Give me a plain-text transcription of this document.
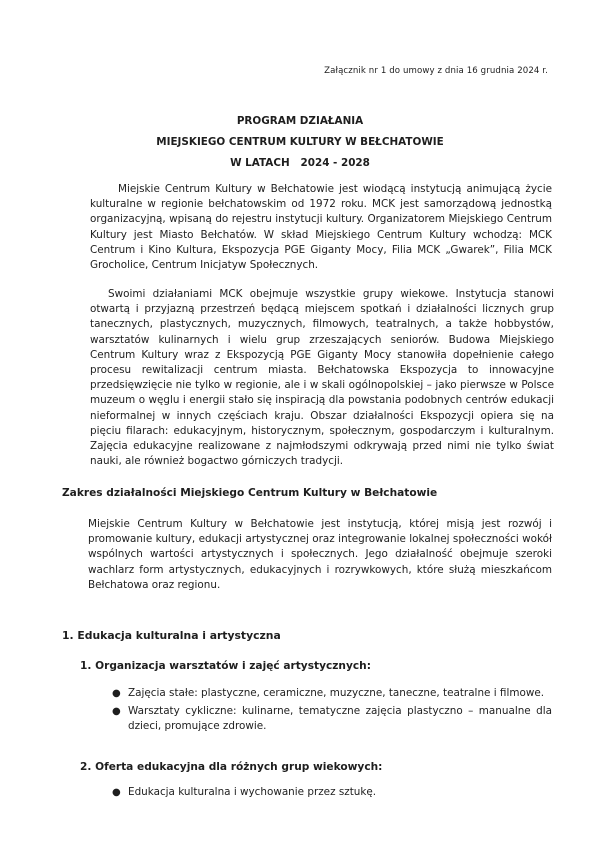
Załącznik nr 1 do umowy z dnia 16 grudnia 2024 r.
PROGRAM DZIAŁANIA
MIEJSKIEGO CENTRUM KULTURY W BEŁCHATOWIE
W LATACH   2024 - 2028

Miejskie Centrum Kultury w Bełchatowie jest wiodącą instytucją animującą życie kulturalne w regionie bełchatowskim od 1972 roku. MCK jest samorządową jednostką organizacyjną, wpisaną do rejestru instytucji kultury. Organizatorem Miejskiego Centrum Kultury jest Miasto Bełchatów. W skład Miejskiego Centrum Kultury wchodzą: MCK Centrum i Kino Kultura, Ekspozycja PGE Giganty Mocy, Filia MCK „Gwarek”, Filia MCK Grocholice, Centrum Inicjatyw Społecznych.

Swoimi działaniami MCK obejmuje wszystkie grupy wiekowe. Instytucja stanowi otwartą i przyjazną przestrzeń będącą miejscem spotkań i działalności licznych grup tanecznych, plastycznych, muzycznych, filmowych, teatralnych, a także hobbystów, warsztatów kulinarnych i wielu grup zrzeszających seniorów. Budowa Miejskiego Centrum Kultury wraz z Ekspozycją PGE Giganty Mocy stanowiła dopełnienie całego procesu rewitalizacji centrum miasta. Bełchatowska Ekspozycja to innowacyjne przedsięwzięcie nie tylko w regionie, ale i w skali ogólnopolskiej – jako pierwsze w Polsce muzeum o węglu i energii stało się inspiracją dla powstania podobnych centrów edukacji nieformalnej w innych częściach kraju. Obszar działalności Ekspozycji opiera się na pięciu filarach: edukacyjnym, historycznym, społecznym, gospodarczym i kulturalnym. Zajęcia edukacyjne realizowane z najmłodszymi odkrywają przed nimi nie tylko świat nauki, ale również bogactwo górniczych tradycji.

Zakres działalności Miejskiego Centrum Kultury w Bełchatowie

Miejskie Centrum Kultury w Bełchatowie jest instytucją, której misją jest rozwój i promowanie kultury, edukacji artystycznej oraz integrowanie lokalnej społeczności wokół wspólnych wartości artystycznych i społecznych. Jego działalność obejmuje szeroki wachlarz form artystycznych, edukacyjnych i rozrywkowych, które służą mieszkańcom Bełchatowa oraz regionu.

1. Edukacja kulturalna i artystyczna
1. Organizacja warsztatów i zajęć artystycznych:
● Zajęcia stałe: plastyczne, ceramiczne, muzyczne, taneczne, teatralne i filmowe.
● Warsztaty cykliczne: kulinarne, tematyczne zajęcia plastyczno – manualne dla dzieci, promujące zdrowie.
2. Oferta edukacyjna dla różnych grup wiekowych:
● Edukacja kulturalna i wychowanie przez sztukę.
